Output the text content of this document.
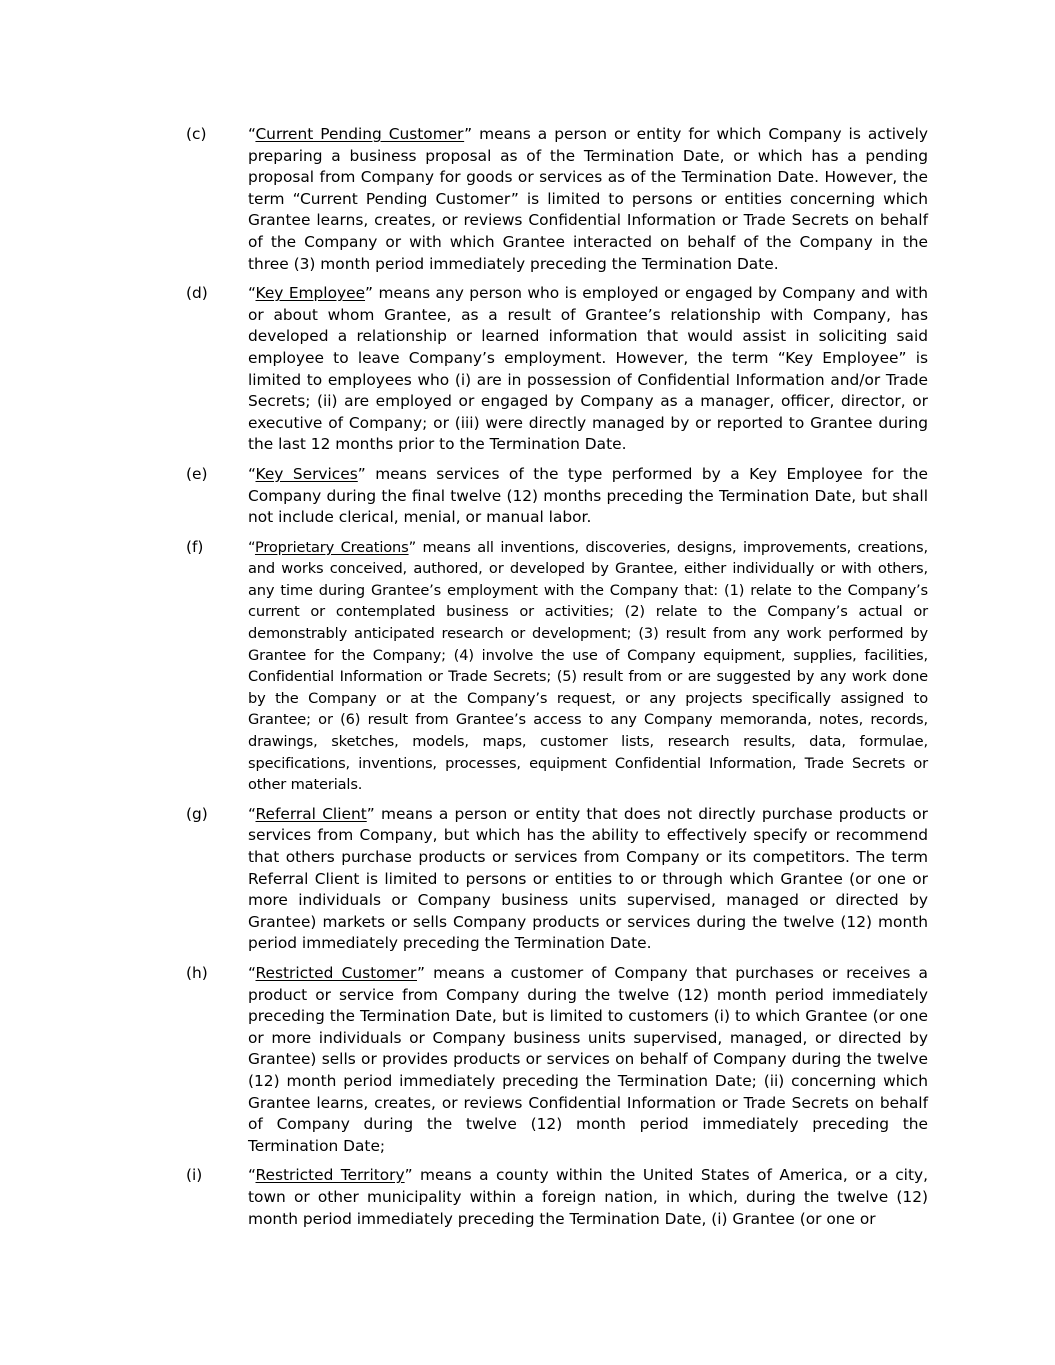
(c)	“Current Pending Customer” means a person or entity for which Company is actively preparing a business proposal as of the Termination Date, or which has a pending proposal from Company for goods or services as of the Termination Date. However, the term “Current Pending Customer” is limited to persons or entities concerning which Grantee learns, creates, or reviews Confidential Information or Trade Secrets on behalf of the Company or with which Grantee interacted on behalf of the Company in the three (3) month period immediately preceding the Termination Date.
(d)	“Key Employee” means any person who is employed or engaged by Company and with or about whom Grantee, as a result of Grantee’s relationship with Company, has developed a relationship or learned information that would assist in soliciting said employee to leave Company’s employment. However, the term “Key Employee” is limited to employees who (i) are in possession of Confidential Information and/or Trade Secrets; (ii) are employed or engaged by Company as a manager, officer, director, or executive of Company; or (iii) were directly managed by or reported to Grantee during the last 12 months prior to the Termination Date.
(e)	“Key Services” means services of the type performed by a Key Employee for the Company during the final twelve (12) months preceding the Termination Date, but shall not include clerical, menial, or manual labor.
(f)	“Proprietary Creations” means all inventions, discoveries, designs, improvements, creations, and works conceived, authored, or developed by Grantee, either individually or with others, any time during Grantee’s employment with the Company that: (1) relate to the Company’s current or contemplated business or activities; (2) relate to the Company’s actual or demonstrably anticipated research or development; (3) result from any work performed by Grantee for the Company; (4) involve the use of Company equipment, supplies, facilities, Confidential Information or Trade Secrets; (5) result from or are suggested by any work done by the Company or at the Company’s request, or any projects specifically assigned to Grantee; or (6) result from Grantee’s access to any Company memoranda, notes, records, drawings, sketches, models, maps, customer lists, research results, data, formulae, specifications, inventions, processes, equipment Confidential Information, Trade Secrets or other materials.
(g)	“Referral Client” means a person or entity that does not directly purchase products or services from Company, but which has the ability to effectively specify or recommend that others purchase products or services from Company or its competitors. The term Referral Client is limited to persons or entities to or through which Grantee (or one or more individuals or Company business units supervised, managed or directed by Grantee) markets or sells Company products or services during the twelve (12) month period immediately preceding the Termination Date.
(h)	“Restricted Customer” means a customer of Company that purchases or receives a product or service from Company during the twelve (12) month period immediately preceding the Termination Date, but is limited to customers (i) to which Grantee (or one or more individuals or Company business units supervised, managed, or directed by Grantee) sells or provides products or services on behalf of Company during the twelve (12) month period immediately preceding the Termination Date; (ii) concerning which Grantee learns, creates, or reviews Confidential Information or Trade Secrets on behalf of Company during the twelve (12) month period immediately preceding the Termination Date;
(i)	“Restricted Territory” means a county within the United States of America, or a city, town or other municipality within a foreign nation, in which, during the twelve (12) month period immediately preceding the Termination Date, (i) Grantee (or one or
